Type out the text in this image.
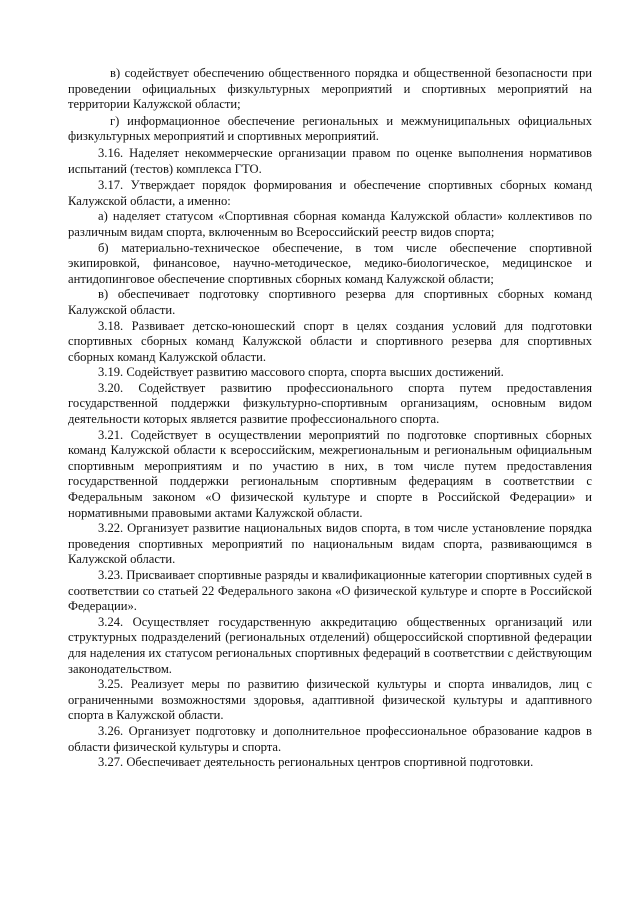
в) содействует обеспечению общественного порядка и общественной безопасности при проведении официальных физкультурных мероприятий и спортивных мероприятий на территории Калужской области;

г) информационное обеспечение региональных и межмуниципальных официальных физкультурных мероприятий и спортивных мероприятий.

3.16. Наделяет некоммерческие организации правом по оценке выполнения нормативов испытаний (тестов) комплекса ГТО.

3.17. Утверждает порядок формирования и обеспечение спортивных сборных команд Калужской области, а именно:

а) наделяет статусом «Спортивная сборная команда Калужской области» коллективов по различным видам спорта, включенным во Всероссийский реестр видов спорта;

б) материально-техническое обеспечение, в том числе обеспечение спортивной экипировкой, финансовое, научно-методическое, медико-биологическое, медицинское и антидопинговое обеспечение спортивных сборных команд Калужской области;

в) обеспечивает подготовку спортивного резерва для спортивных сборных команд Калужской области.

3.18. Развивает детско-юношеский спорт в целях создания условий для подготовки спортивных сборных команд Калужской области и спортивного резерва для спортивных сборных команд Калужской области.

3.19. Содействует развитию массового спорта, спорта высших достижений.

3.20. Содействует развитию профессионального спорта путем предоставления государственной поддержки физкультурно-спортивным организациям, основным видом деятельности которых является развитие профессионального спорта.

3.21. Содействует в осуществлении мероприятий по подготовке спортивных сборных команд Калужской области к всероссийским, межрегиональным и региональным официальным спортивным мероприятиям и по участию в них, в том числе путем предоставления государственной поддержки региональным спортивным федерациям в соответствии с Федеральным законом «О физической культуре и спорте в Российской Федерации» и нормативными правовыми актами Калужской области.

3.22. Организует развитие национальных видов спорта, в том числе установление порядка проведения спортивных мероприятий по национальным видам спорта, развивающимся в Калужской области.

3.23. Присваивает спортивные разряды и квалификационные категории спортивных судей в соответствии со статьей 22 Федерального закона «О физической культуре и спорте в Российской Федерации».

3.24. Осуществляет государственную аккредитацию общественных организаций или структурных подразделений (региональных отделений) общероссийской спортивной федерации для наделения их статусом региональных спортивных федераций в соответствии с действующим законодательством.

3.25. Реализует меры по развитию физической культуры и спорта инвалидов, лиц с ограниченными возможностями здоровья, адаптивной физической культуры и адаптивного спорта в Калужской области.

3.26. Организует подготовку и дополнительное профессиональное образование кадров в области физической культуры и спорта.

3.27. Обеспечивает деятельность региональных центров спортивной подготовки.
